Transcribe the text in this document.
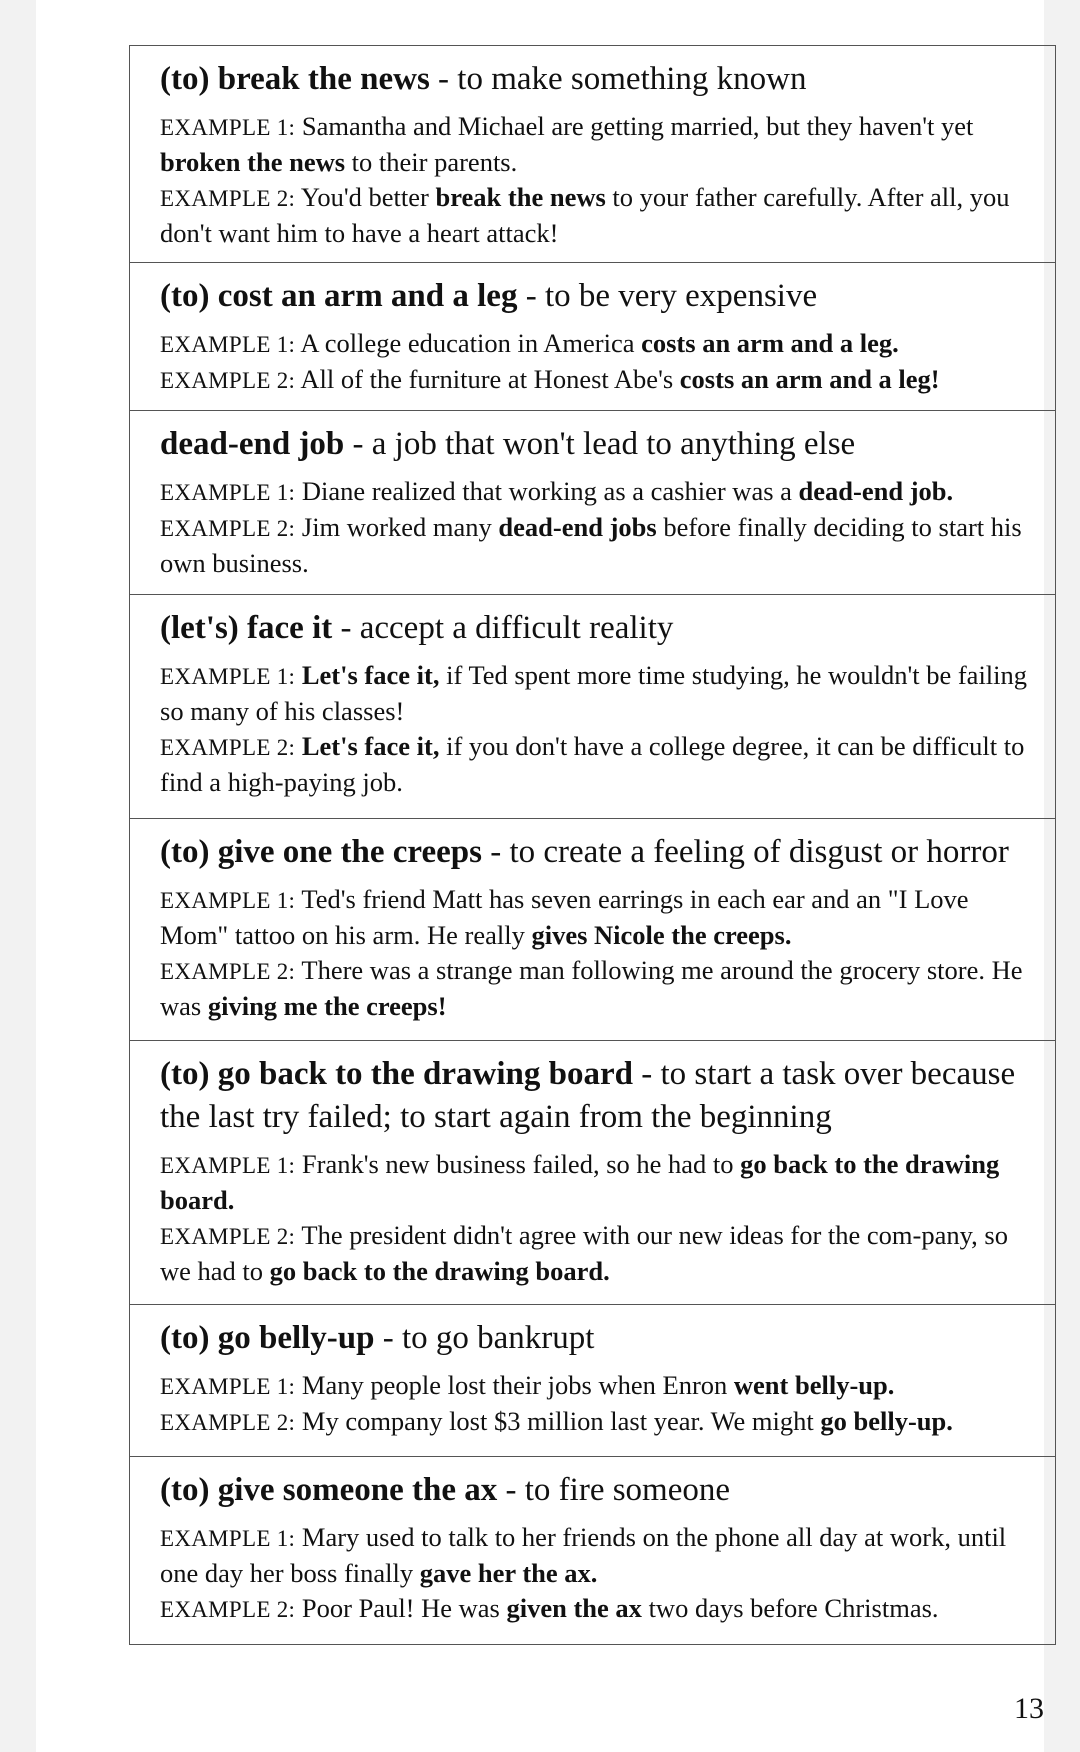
(to) break the news - to make something known
EXAMPLE 1: Samantha and Michael are getting married, but they haven't yet broken the news to their parents.
EXAMPLE 2: You'd better break the news to your father carefully. After all, you don't want him to have a heart attack!
(to) cost an arm and a leg - to be very expensive
EXAMPLE 1: A college education in America costs an arm and a leg.
EXAMPLE 2: All of the furniture at Honest Abe's costs an arm and a leg!
dead-end job - a job that won't lead to anything else
EXAMPLE 1: Diane realized that working as a cashier was a dead-end job.
EXAMPLE 2: Jim worked many dead-end jobs before finally deciding to start his own business.
(let's) face it - accept a difficult reality
EXAMPLE 1: Let's face it, if Ted spent more time studying, he wouldn't be failing so many of his classes!
EXAMPLE 2: Let's face it, if you don't have a college degree, it can be difficult to find a high-paying job.
(to) give one the creeps - to create a feeling of disgust or horror
EXAMPLE 1: Ted's friend Matt has seven earrings in each ear and an "I Love Mom" tattoo on his arm. He really gives Nicole the creeps.
EXAMPLE 2: There was a strange man following me around the grocery store. He was giving me the creeps!
(to) go back to the drawing board - to start a task over because the last try failed; to start again from the beginning
EXAMPLE 1: Frank's new business failed, so he had to go back to the drawing board.
EXAMPLE 2: The president didn't agree with our new ideas for the com-pany, so we had to go back to the drawing board.
(to) go belly-up - to go bankrupt
EXAMPLE 1: Many people lost their jobs when Enron went belly-up.
EXAMPLE 2: My company lost $3 million last year. We might go belly-up.
(to) give someone the ax - to fire someone
EXAMPLE 1: Mary used to talk to her friends on the phone all day at work, until one day her boss finally gave her the ax.
EXAMPLE 2: Poor Paul! He was given the ax two days before Christmas.
13
